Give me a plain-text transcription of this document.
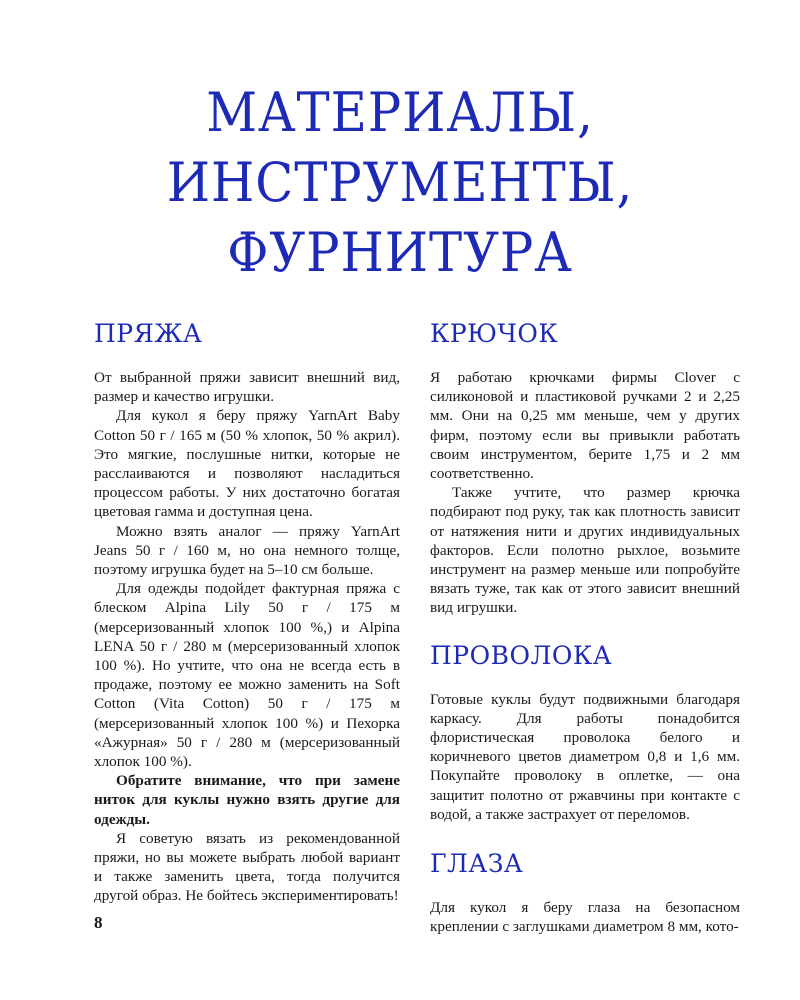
МАТЕРИАЛЫ,
ИНСТРУМЕНТЫ,
ФУРНИТУРА
ПРЯЖА

От выбранной пряжи зависит внешний вид, размер и качество игрушки.

Для кукол я беру пряжу YarnArt Baby Cotton 50 г / 165 м (50 % хлопок, 50 % акрил). Это мягкие, послушные нитки, которые не расслаиваются и позволяют насладиться процессом работы. У них достаточно богатая цветовая гамма и доступная цена.

Можно взять аналог — пряжу YarnArt Jeans 50 г / 160 м, но она немного толще, поэтому игрушка будет на 5–10 см больше.

Для одежды подойдет фактурная пряжа с блеском Alpina Lily 50 г / 175 м (мерсеризованный хлопок 100 %,) и Alpina LENA 50 г / 280 м (мерсеризованный хлопок 100 %). Но учтите, что она не всегда есть в продаже, поэтому ее можно заменить на Soft Cotton (Vita Cotton) 50 г / 175 м (мерсеризованный хлопок 100 %) и Пехорка «Ажурная» 50 г / 280 м (мерсеризованный хлопок 100 %).

Обратите внимание, что при замене ниток для куклы нужно взять другие для одежды.

Я советую вязать из рекомендованной пряжи, но вы можете выбрать любой вариант и также заменить цвета, тогда получится другой образ. Не бойтесь экспериментировать!

КРЮЧОК

Я работаю крючками фирмы Clover с силиконовой и пластиковой ручками 2 и 2,25 мм. Они на 0,25 мм меньше, чем у других фирм, поэтому если вы привыкли работать своим инструментом, берите 1,75 и 2 мм соответственно.

Также учтите, что размер крючка подбирают под руку, так как плотность зависит от натяжения нити и других индивидуальных факторов. Если полотно рыхлое, возьмите инструмент на размер меньше или попробуйте вязать туже, так как от этого зависит внешний вид игрушки.

ПРОВОЛОКА

Готовые куклы будут подвижными благодаря каркасу. Для работы понадобится флористическая проволока белого и коричневого цветов диаметром 0,8 и 1,6 мм. Покупайте проволоку в оплетке, — она защитит полотно от ржавчины при контакте с водой, а также застрахует от переломов.

ГЛАЗА

Для кукол я беру глаза на безопасном креплении с заглушками диаметром 8 мм, кото-

8
